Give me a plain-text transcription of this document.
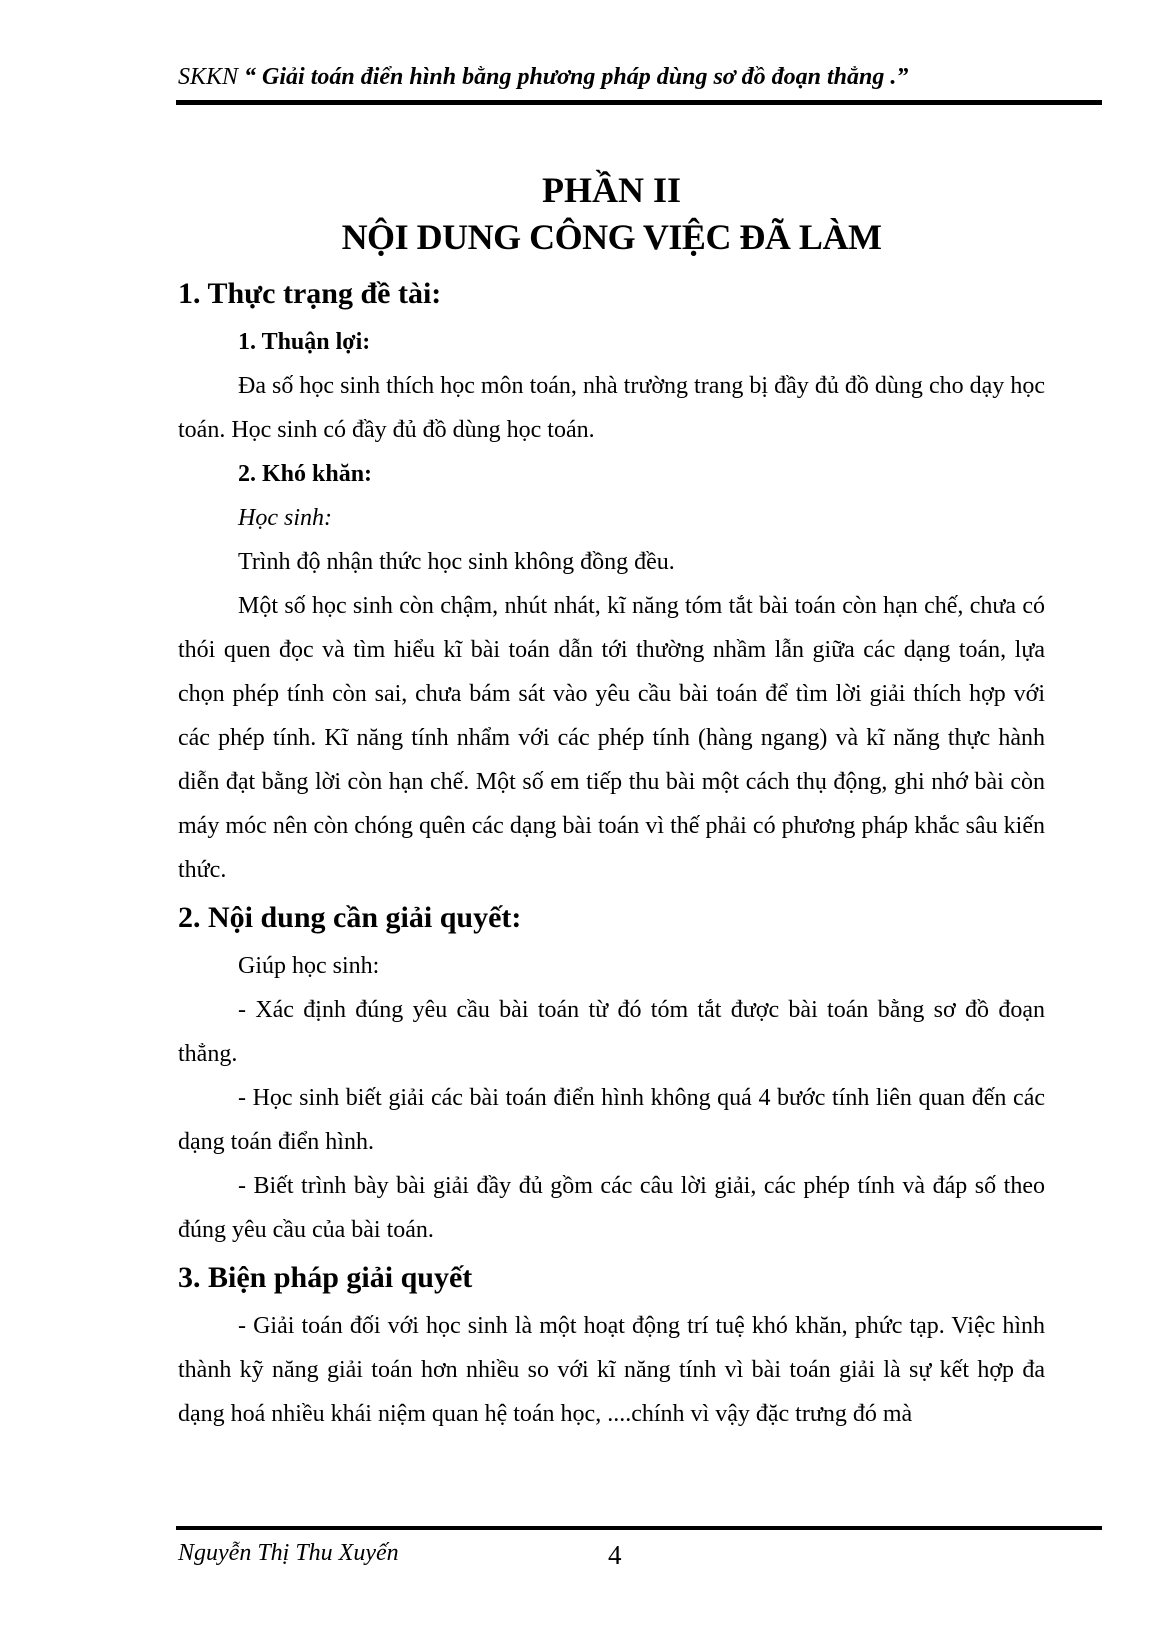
SKKN “ Giải toán điển hình bằng phương pháp dùng sơ đồ đoạn thẳng .”
PHẦN II
NỘI DUNG CÔNG VIỆC ĐÃ LÀM
1. Thực trạng đề tài:
1. Thuận lợi:
Đa số học sinh thích học môn toán, nhà trường trang bị đầy đủ đồ dùng cho dạy học toán. Học sinh có đầy đủ đồ dùng học toán.
2. Khó khăn:
Học sinh:
Trình độ nhận thức học sinh không đồng đều.
Một số học sinh còn chậm, nhút nhát, kĩ năng tóm tắt bài toán còn hạn chế, chưa có thói quen đọc và tìm hiểu kĩ bài toán dẫn tới thường nhầm lẫn giữa các dạng toán, lựa chọn phép tính còn sai, chưa bám sát vào yêu cầu bài toán để tìm lời giải thích hợp với các phép tính. Kĩ năng tính nhẩm với các phép tính (hàng ngang) và kĩ năng thực hành diễn đạt bằng lời còn hạn chế. Một số em tiếp thu bài một cách thụ động, ghi nhớ bài còn máy móc nên còn chóng quên các dạng bài toán vì thế phải có phương pháp khắc sâu kiến thức.
2. Nội dung cần giải quyết:
Giúp học sinh:
- Xác định đúng yêu cầu bài toán từ đó tóm tắt được bài toán bằng sơ đồ đoạn thẳng.
- Học sinh biết giải các bài toán điển hình không quá 4 bước tính liên quan đến các dạng toán điển hình.
- Biết trình bày bài giải đầy đủ gồm các câu lời giải, các phép tính và đáp số theo đúng yêu cầu của bài toán.
3. Biện pháp giải quyết
- Giải toán đối với học sinh là một hoạt động trí tuệ khó khăn, phức tạp. Việc hình thành kỹ năng giải toán hơn nhiều so với kĩ năng tính vì bài toán giải là sự kết hợp đa dạng hoá nhiều khái niệm quan hệ toán học, ....chính vì vậy đặc trưng đó mà
Nguyễn Thị Thu Xuyến	4
